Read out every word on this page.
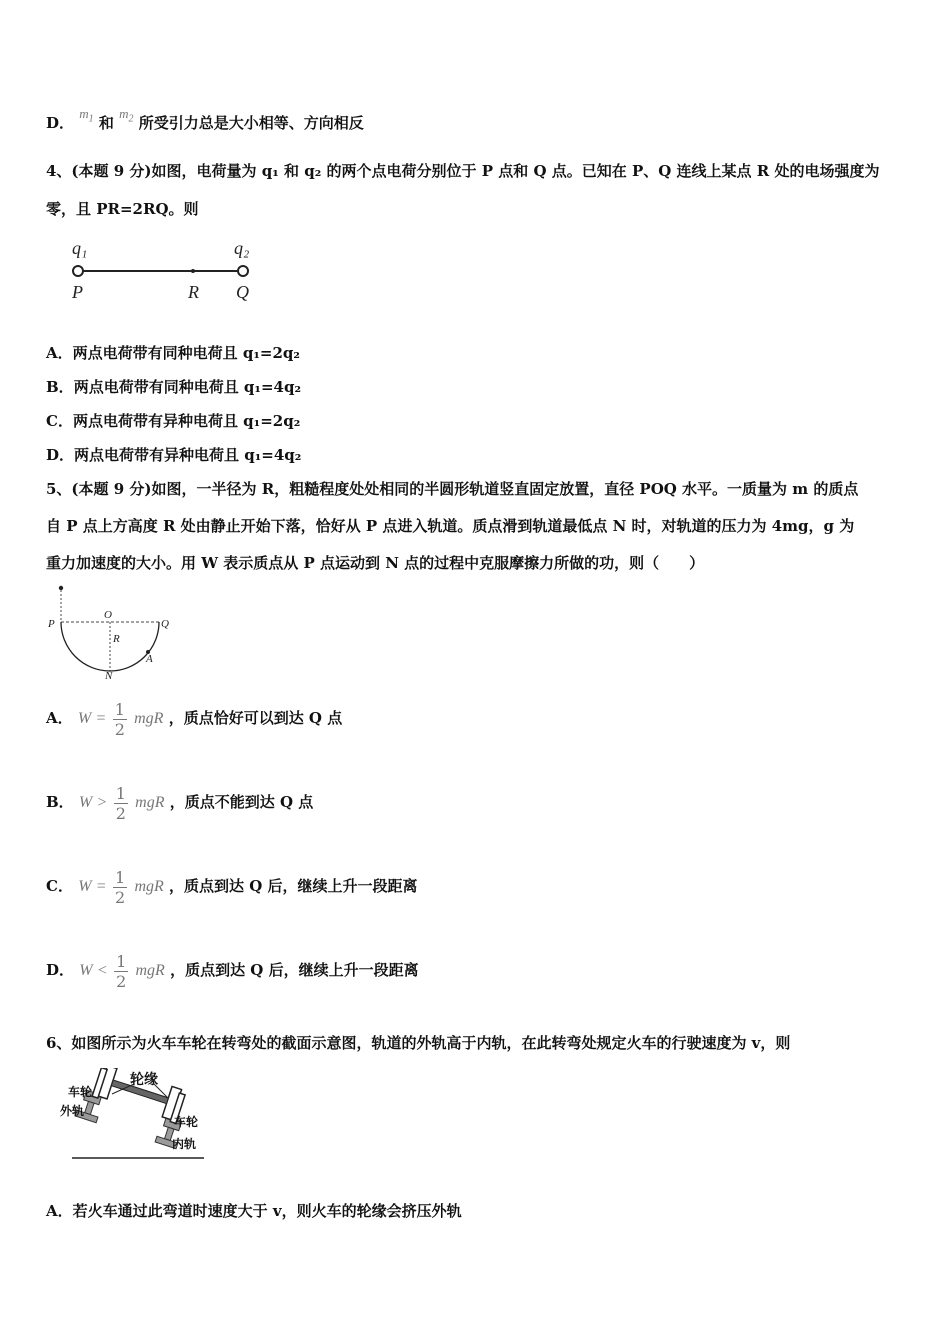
D． $m_1$ 和 $m_2$ 所受引力总是大小相等、方向相反
4、(本题 9 分)如图，电荷量为 q₁ 和 q₂ 的两个点电荷分别位于 P 点和 Q 点。已知在 P、Q 连线上某点 R 处的电场强度为
零，且 PR=2RQ。则
q₁	q₂
P	R Q
A．两点电荷带有同种电荷且 q₁=2q₂
B．两点电荷带有同种电荷且 q₁=4q₂
C．两点电荷带有异种电荷且 q₁=2q₂
D．两点电荷带有异种电荷且 q₁=4q₂
5、(本题 9 分)如图，一半径为 R，粗糙程度处处相同的半圆形轨道竖直固定放置，直径 POQ 水平。一质量为 m 的质点
自 P 点上方高度 R 处由静止开始下落，恰好从 P 点进入轨道。质点滑到轨道最低点 N 时，对轨道的压力为 4mg，g 为
重力加速度的大小。用 W 表示质点从 P 点运动到 N 点的过程中克服摩擦力所做的功，则（　　）
P
O
Q
R
N
A
A． $W = \frac{1}{2}$ mgR ，质点恰好可以到达 Q 点
B． $W > \frac{1}{2}$ mgR ，质点不能到达 Q 点
C． $W = \frac{1}{2}$ mgR ，质点到达 Q 后，继续上升一段距离
D． $W < \frac{1}{2}$ mgR ，质点到达 Q 后，继续上升一段距离
6、如图所示为火车车轮在转弯处的截面示意图，轨道的外轨高于内轨，在此转弯处规定火车的行驶速度为 v，则
轮缘
车轮
外轨
车轮
内轨
A．若火车通过此弯道时速度大于 v，则火车的轮缘会挤压外轨
